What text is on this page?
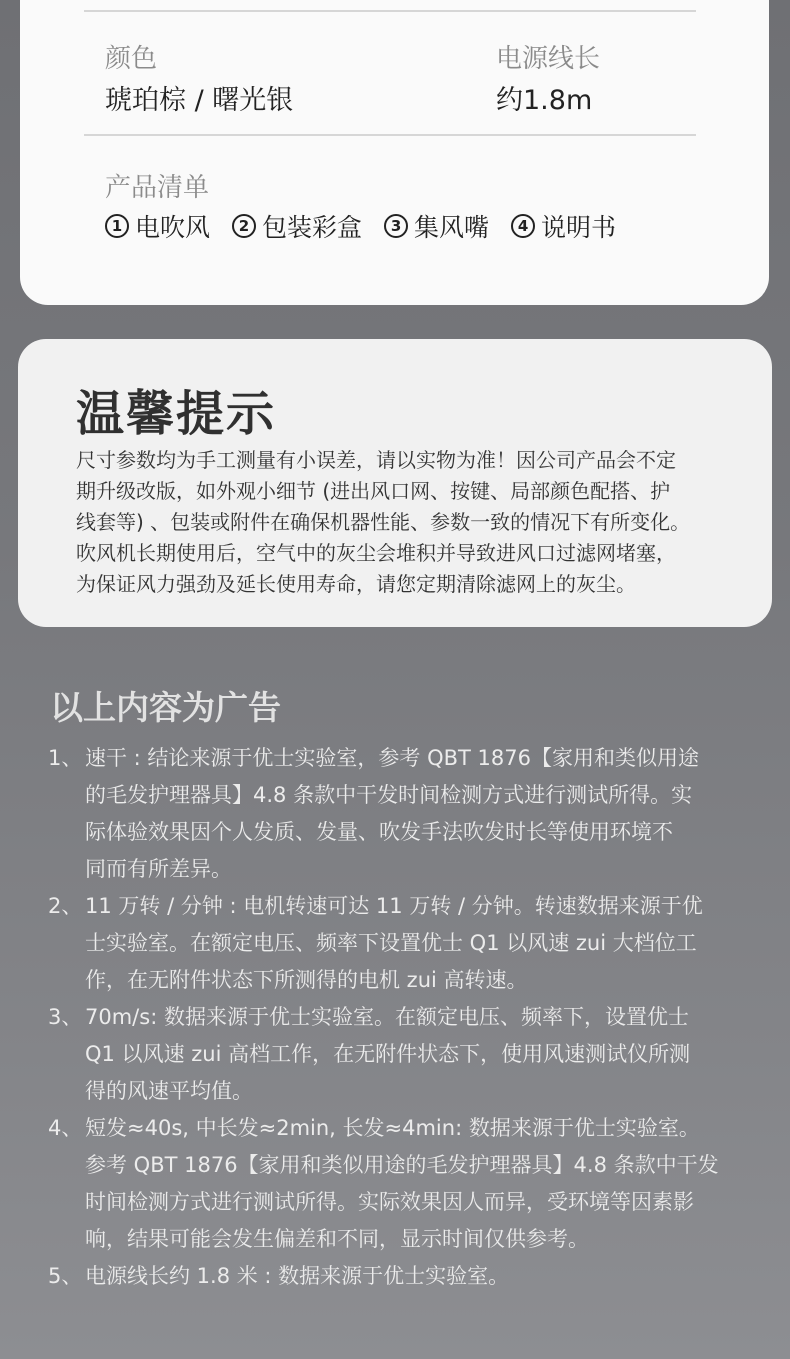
颜色
琥珀棕 / 曙光银
电源线长
约1.8m
产品清单
1 电吹风	2 包装彩盒	3 集风嘴	4 说明书
温馨提示
尺寸参数均为手工测量有小误差，请以实物为准！因公司产品会不定
期升级改版，如外观小细节 (进出风口网、按键、局部颜色配搭、护
线套等) 、包装或附件在确保机器性能、参数一致的情况下有所变化。
吹风机长期使用后，空气中的灰尘会堆积并导致进风口过滤网堵塞，
为保证风力强劲及延长使用寿命，请您定期清除滤网上的灰尘。
以上内容为广告
1、 速干 : 结论来源于优士实验室，参考 QBT 1876【家用和类似用途
的毛发护理器具】4.8 条款中干发时间检测方式进行测试所得。实
际体验效果因个人发质、发量、吹发手法吹发时长等使用环境不
同而有所差异。
2、 11 万转 / 分钟 : 电机转速可达 11 万转 / 分钟。转速数据来源于优
士实验室。在额定电压、频率下设置优士 Q1 以风速 zui 大档位工
作，在无附件状态下所测得的电机 zui 高转速。
3、 70m/s: 数据来源于优士实验室。在额定电压、频率下，设置优士
Q1 以风速 zui 高档工作，在无附件状态下，使用风速测试仪所测
得的风速平均值。
4、 短发≈40s, 中长发≈2min, 长发≈4min: 数据来源于优士实验室。
参考 QBT 1876【家用和类似用途的毛发护理器具】4.8 条款中干发
时间检测方式进行测试所得。实际效果因人而异，受环境等因素影
响，结果可能会发生偏差和不同，显示时间仅供参考。
5、 电源线长约 1.8 米 : 数据来源于优士实验室。
